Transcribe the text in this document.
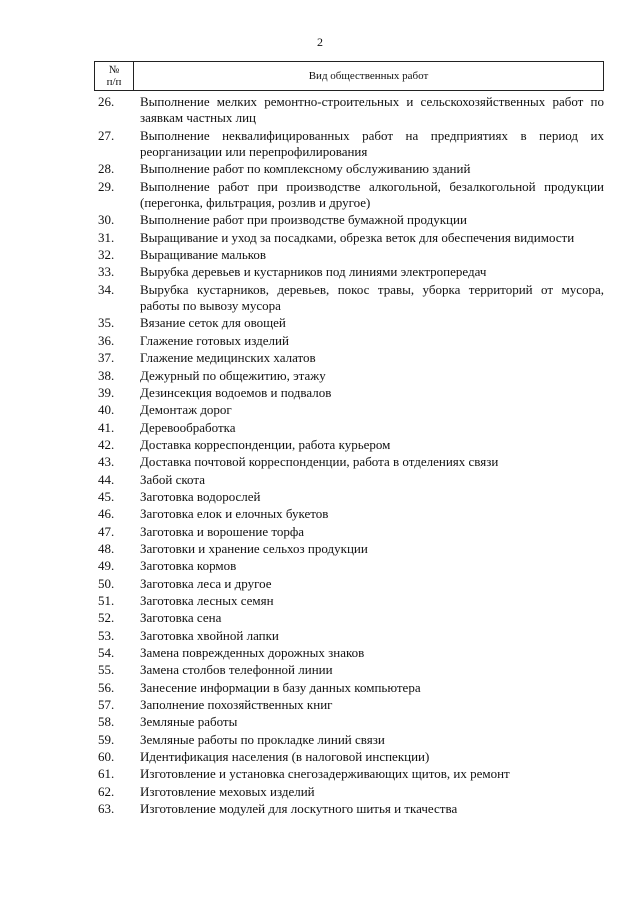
2
№
п/п	Вид общественных работ
26.	Выполнение мелких ремонтно-строительных и сельскохозяйственных работ по заявкам частных лиц
27.	Выполнение неквалифицированных работ на предприятиях в период их реорганизации или перепрофилирования
28.	Выполнение работ по комплексному обслуживанию зданий
29.	Выполнение работ при производстве алкогольной, безалкогольной продукции (перегонка, фильтрация, розлив и другое)
30.	Выполнение работ при производстве бумажной продукции
31.	Выращивание и уход за посадками, обрезка веток для обеспечения видимости
32.	Выращивание мальков
33.	Вырубка деревьев и кустарников под линиями электропередач
34.	Вырубка кустарников, деревьев, покос травы, уборка территорий от мусора, работы по вывозу мусора
35.	Вязание сеток для овощей
36.	Глажение готовых изделий
37.	Глажение медицинских халатов
38.	Дежурный по общежитию, этажу
39.	Дезинсекция водоемов и подвалов
40.	Демонтаж дорог
41.	Деревообработка
42.	Доставка корреспонденции, работа курьером
43.	Доставка почтовой корреспонденции, работа в отделениях связи
44.	Забой скота
45.	Заготовка водорослей
46.	Заготовка елок и елочных букетов
47.	Заготовка и ворошение торфа
48.	Заготовки и хранение сельхоз продукции
49.	Заготовка кормов
50.	Заготовка леса и другое
51.	Заготовка лесных семян
52.	Заготовка сена
53.	Заготовка хвойной лапки
54.	Замена поврежденных дорожных знаков
55.	Замена столбов телефонной линии
56.	Занесение информации в базу данных компьютера
57.	Заполнение похозяйственных книг
58.	Земляные работы
59.	Земляные работы по прокладке линий связи
60.	Идентификация населения (в налоговой инспекции)
61.	Изготовление и установка снегозадерживающих щитов, их ремонт
62.	Изготовление меховых изделий
63.	Изготовление модулей для лоскутного шитья и ткачества
